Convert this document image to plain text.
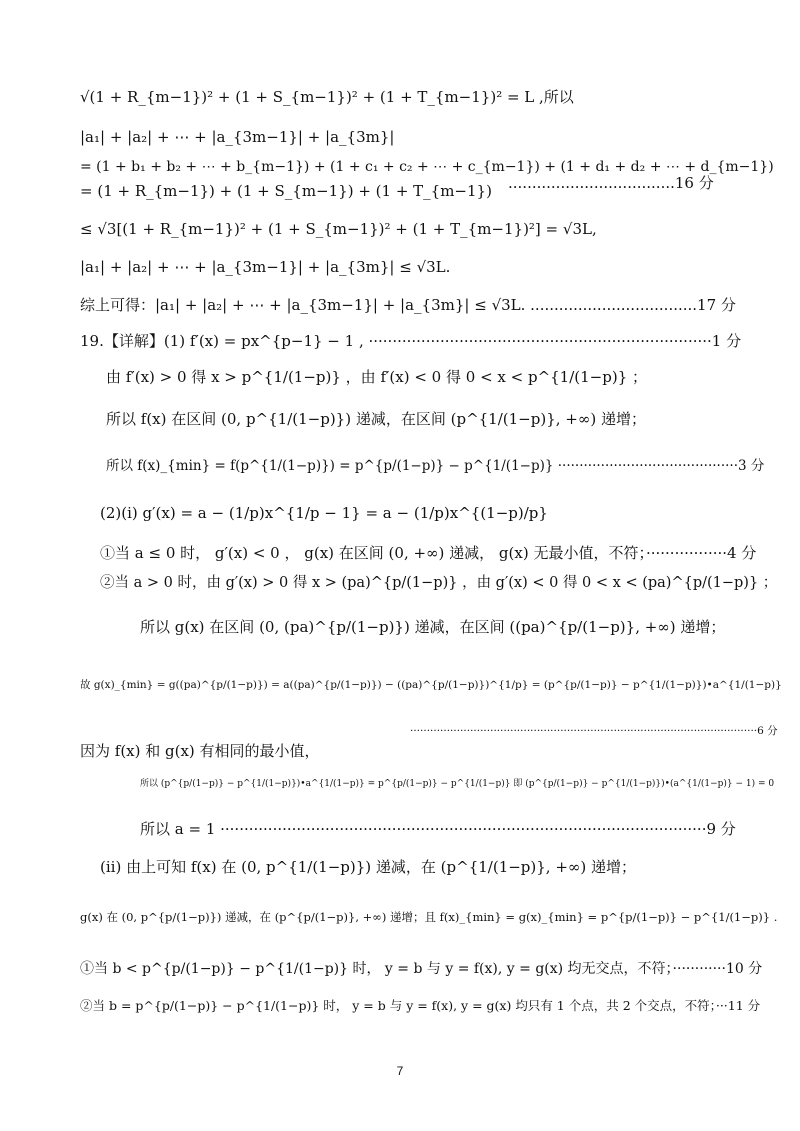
√(1 + R_{m−1})² + (1 + S_{m−1})² + (1 + T_{m−1})² = L ,所以
|a₁| + |a₂| + ⋯ + |a_{3m−1}| + |a_{3m}|
= (1 + b₁ + b₂ + ⋯ + b_{m−1}) + (1 + c₁ + c₂ + ⋯ + c_{m−1}) + (1 + d₁ + d₂ + ⋯ + d_{m−1})
= (1 + R_{m−1}) + (1 + S_{m−1}) + (1 + T_{m−1}) ...................................16 分
≤ √3[(1 + R_{m−1})² + (1 + S_{m−1})² + (1 + T_{m−1})²] = √3L,
|a₁| + |a₂| + ⋯ + |a_{3m−1}| + |a_{3m}| ≤ √3L.
综上可得：|a₁| + |a₂| + ⋯ + |a_{3m−1}| + |a_{3m}| ≤ √3L. ...................................17 分
19.【详解】(1) f′(x) = px^{p−1} − 1 , ········································································1 分
由 f′(x) > 0 得 x > p^{1/(1−p)} ，由 f′(x) < 0 得 0 < x < p^{1/(1−p)} ；
所以 f(x) 在区间 (0, p^{1/(1−p)}) 递减，在区间 (p^{1/(1−p)}, +∞) 递增；
所以 f(x)_{min} = f(p^{1/(1−p)}) = p^{p/(1−p)} − p^{1/(1−p)} ··········································3 分
(2)(ⅰ) g′(x) = a − (1/p)x^{1/p − 1} = a − (1/p)x^{(1−p)/p}
①当 a ≤ 0 时， g′(x) < 0 ， g(x) 在区间 (0, +∞) 递减， g(x) 无最小值，不符；·················4 分
②当 a > 0 时，由 g′(x) > 0 得 x > (pa)^{p/(1−p)} ，由 g′(x) < 0 得 0 < x < (pa)^{p/(1−p)} ；
所以 g(x) 在区间 (0, (pa)^{p/(1−p)}) 递减，在区间 ((pa)^{p/(1−p)}, +∞) 递增；
故 g(x)_{min} = g((pa)^{p/(1−p)}) = a((pa)^{p/(1−p)}) − ((pa)^{p/(1−p)})^{1/p} = (p^{p/(1−p)} − p^{1/(1−p)})•a^{1/(1−p)}
········································································································6 分
因为 f(x) 和 g(x) 有相同的最小值，
所以 (p^{p/(1−p)} − p^{1/(1−p)})•a^{1/(1−p)} = p^{p/(1−p)} − p^{1/(1−p)} 即 (p^{p/(1−p)} − p^{1/(1−p)})•(a^{1/(1−p)} − 1) = 0
所以 a = 1 ······································································································9 分
(ⅱ) 由上可知 f(x) 在 (0, p^{1/(1−p)}) 递减，在 (p^{1/(1−p)}, +∞) 递增；
g(x) 在 (0, p^{p/(1−p)}) 递减，在 (p^{p/(1−p)}, +∞) 递增；且 f(x)_{min} = g(x)_{min} = p^{p/(1−p)} − p^{1/(1−p)} .
①当 b < p^{p/(1−p)} − p^{1/(1−p)} 时， y = b 与 y = f(x), y = g(x) 均无交点，不符；············10 分
②当 b = p^{p/(1−p)} − p^{1/(1−p)} 时， y = b 与 y = f(x), y = g(x) 均只有 1 个点，共 2 个交点，不符；···11 分
7
